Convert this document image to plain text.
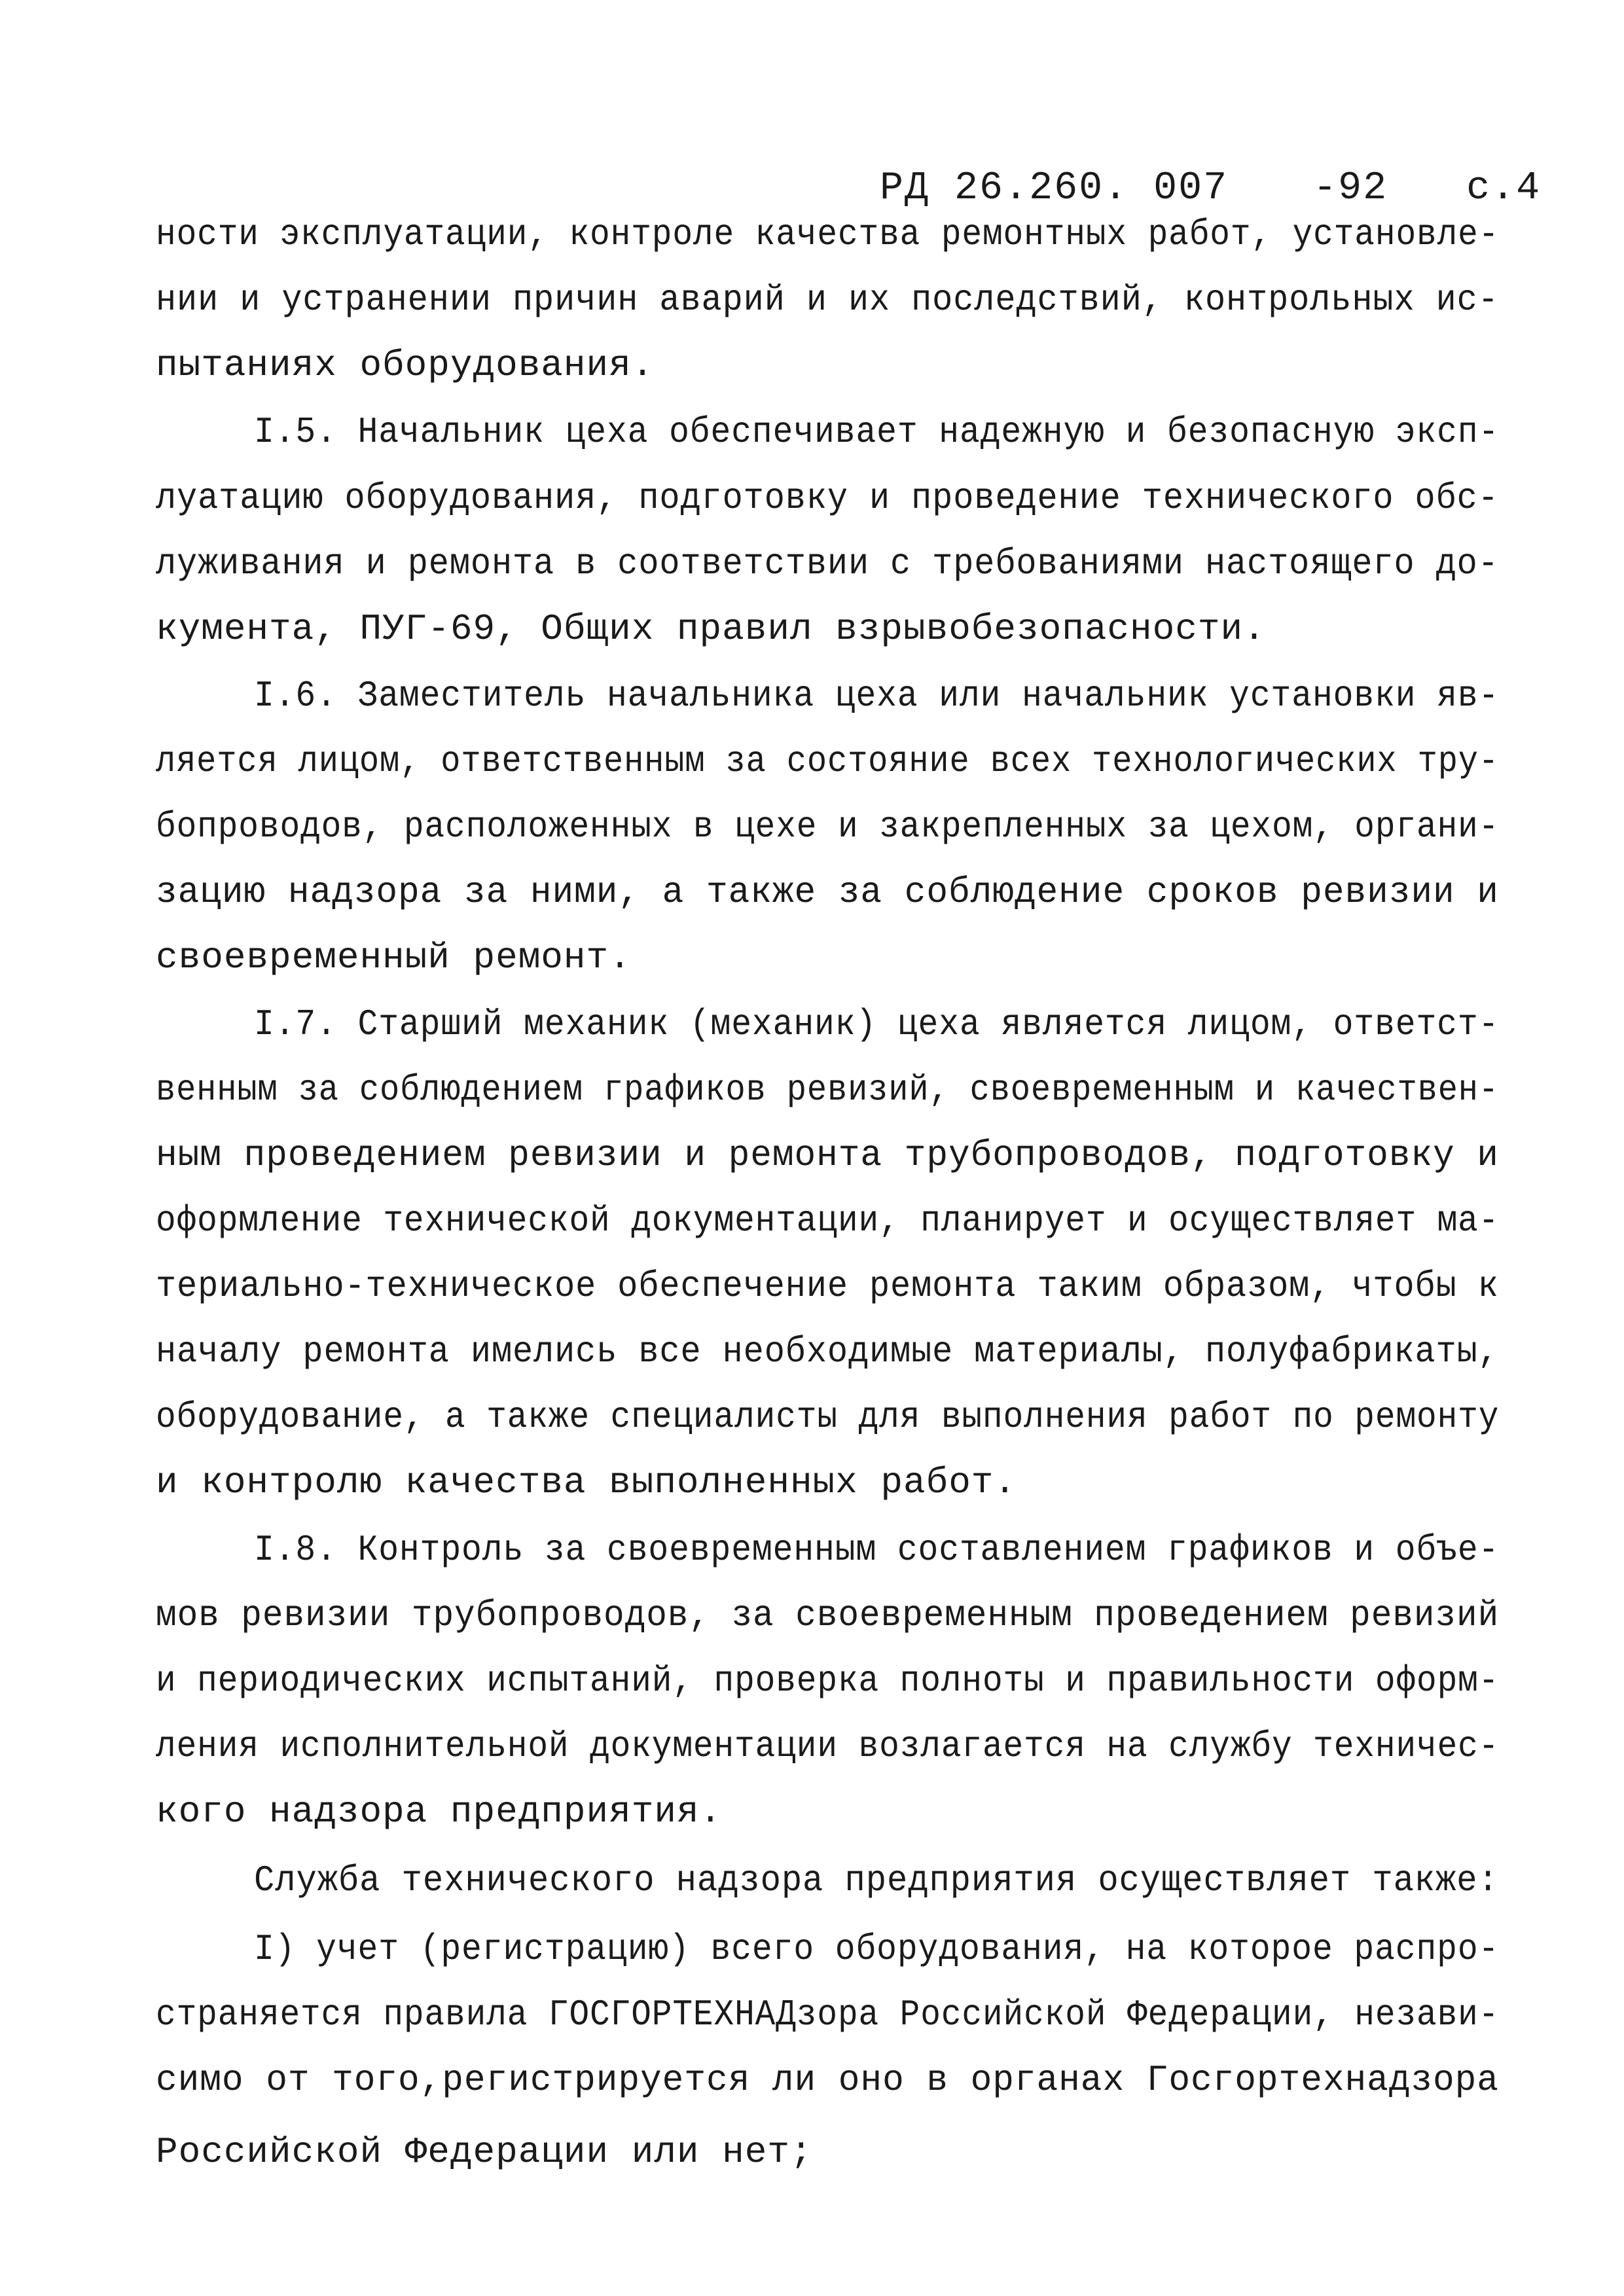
РД 26.260. 007 -92 с.4

ности эксплуатации, контроле качества ремонтных работ, установле-
нии и устранении причин аварий и их последствий, контрольных ис-
пытаниях оборудования.
I.5. Начальник цеха обеспечивает надежную и безопасную эксп-
луатацию оборудования, подготовку и проведение технического обс-
луживания и ремонта в соответствии с требованиями настоящего до-
кумента, ПУГ-69, Общих правил взрывобезопасности.
I.6. Заместитель начальника цеха или начальник установки яв-
ляется лицом, ответственным за состояние всех технологических тру-
бопроводов, расположенных в цехе и закрепленных за цехом, органи-
зацию надзора за ними, а также за соблюдение сроков ревизии и
своевременный ремонт.
I.7. Старший механик (механик) цеха является лицом, ответст-
венным за соблюдением графиков ревизий, своевременным и качествен-
ным проведением ревизии и ремонта трубопроводов, подготовку и
оформление технической документации, планирует и осуществляет ма-
териально-техническое обеспечение ремонта таким образом, чтобы к
началу ремонта имелись все необходимые материалы, полуфабрикаты,
оборудование, а также специалисты для выполнения работ по ремонту
и контролю качества выполненных работ.
I.8. Контроль за своевременным составлением графиков и объе-
мов ревизии трубопроводов, за своевременным проведением ревизий
и периодических испытаний, проверка полноты и правильности оформ-
ления исполнительной документации возлагается на службу техничес-
кого надзора предприятия.
Служба технического надзора предприятия осуществляет также:
I) учет (регистрацию) всего оборудования, на которое распро-
страняется правила ГОСГОРТЕХНАДзора Российской Федерации, незави-
симо от того,регистрируется ли оно в органах Госгортехнадзора
Российской Федерации или нет;
